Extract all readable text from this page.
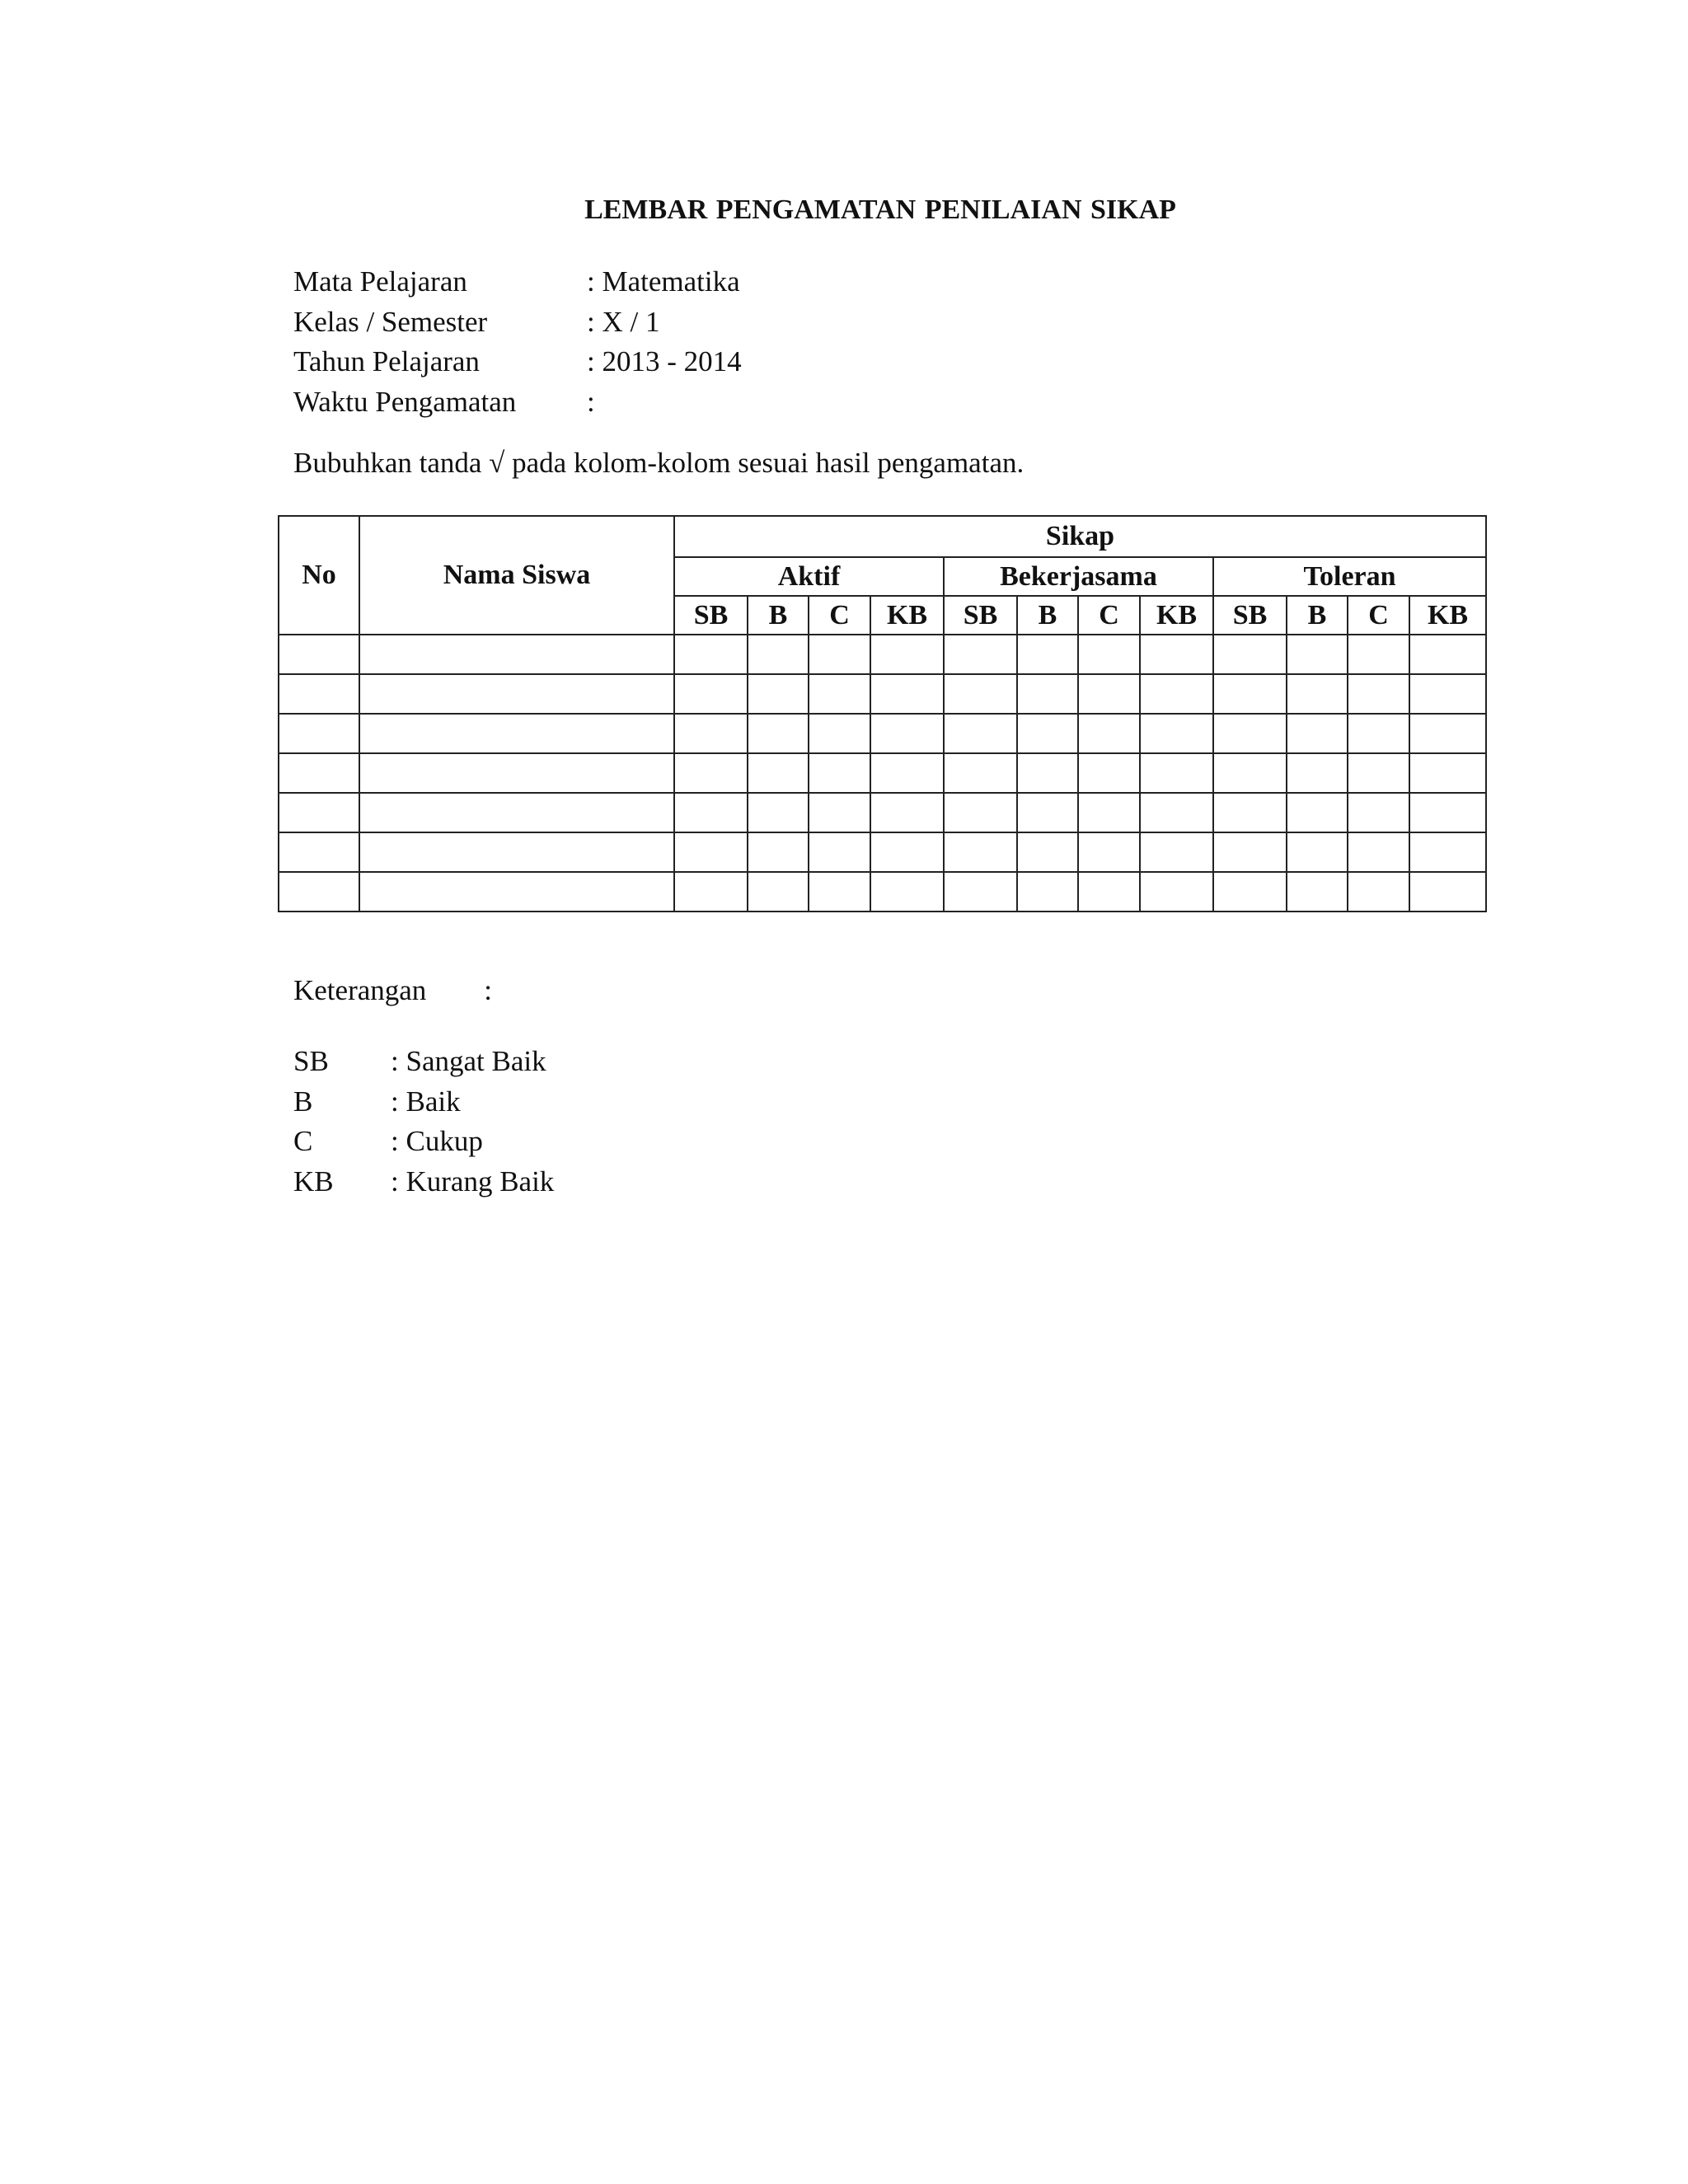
LEMBAR PENGAMATAN PENILAIAN SIKAP
Mata Pelajaran	: Matematika
Kelas / Semester	: X / 1
Tahun Pelajaran	: 2013 - 2014
Waktu Pengamatan	:
Bubuhkan tanda √ pada kolom-kolom sesuai hasil pengamatan.
No	Nama Siswa	Sikap											
		Aktif				Bekerjasama				Toleran			
		SB	B	C	KB	SB	B	C	KB	SB	B	C	KB

Keterangan :
SB	: Sangat Baik
B	: Baik
C	: Cukup
KB	: Kurang Baik
